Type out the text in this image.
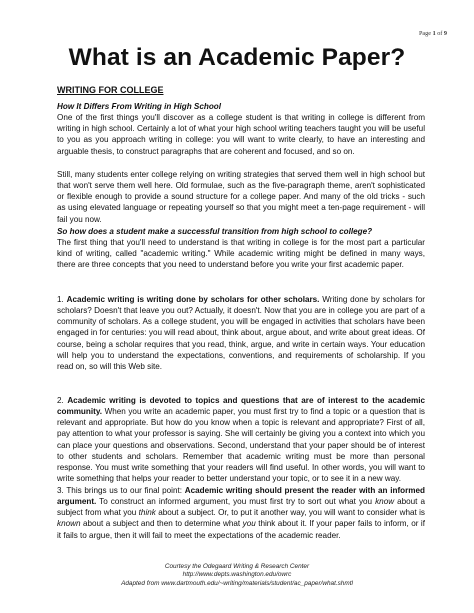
Page 1 of 9
What is an Academic Paper?
WRITING FOR COLLEGE

How It Differs From Writing in High School

One of the first things you'll discover as a college student is that writing in college is different from writing in high school. Certainly a lot of what your high school writing teachers taught you will be useful to you as you approach writing in college: you will want to write clearly, to have an interesting and arguable thesis, to construct paragraphs that are coherent and focused, and so on.

Still, many students enter college relying on writing strategies that served them well in high school but that won't serve them well here. Old formulae, such as the five-paragraph theme, aren't sophisticated or flexible enough to provide a sound structure for a college paper. And many of the old tricks - such as using elevated language or repeating yourself so that you might meet a ten-page requirement - will fail you now.

So how does a student make a successful transition from high school to college?

The first thing that you'll need to understand is that writing in college is for the most part a particular kind of writing, called "academic writing." While academic writing might be defined in many ways, there are three concepts that you need to understand before you write your first academic paper.

1. Academic writing is writing done by scholars for other scholars. Writing done by scholars for scholars? Doesn't that leave you out? Actually, it doesn't. Now that you are in college you are part of a community of scholars. As a college student, you will be engaged in activities that scholars have been engaged in for centuries: you will read about, think about, argue about, and write about great ideas. Of course, being a scholar requires that you read, think, argue, and write in certain ways. Your education will help you to understand the expectations, conventions, and requirements of scholarship. If you read on, so will this Web site.

2. Academic writing is devoted to topics and questions that are of interest to the academic community. When you write an academic paper, you must first try to find a topic or a question that is relevant and appropriate. But how do you know when a topic is relevant and appropriate? First of all, pay attention to what your professor is saying. She will certainly be giving you a context into which you can place your questions and observations. Second, understand that your paper should be of interest to other students and scholars. Remember that academic writing must be more than personal response. You must write something that your readers will find useful. In other words, you will want to write something that helps your reader to better understand your topic, or to see it in a new way.

3. This brings us to our final point: Academic writing should present the reader with an informed argument. To construct an informed argument, you must first try to sort out what you know about a subject from what you think about a subject. Or, to put it another way, you will want to consider what is known about a subject and then to determine what you think about it. If your paper fails to inform, or if it fails to argue, then it will fail to meet the expectations of the academic reader.

Courtesy the Odegaard Writing & Research Center
http://www.depts.washington.edu/owrc
Adapted from www.dartmouth.edu/~writing/materials/student/ac_paper/what.shmtl
